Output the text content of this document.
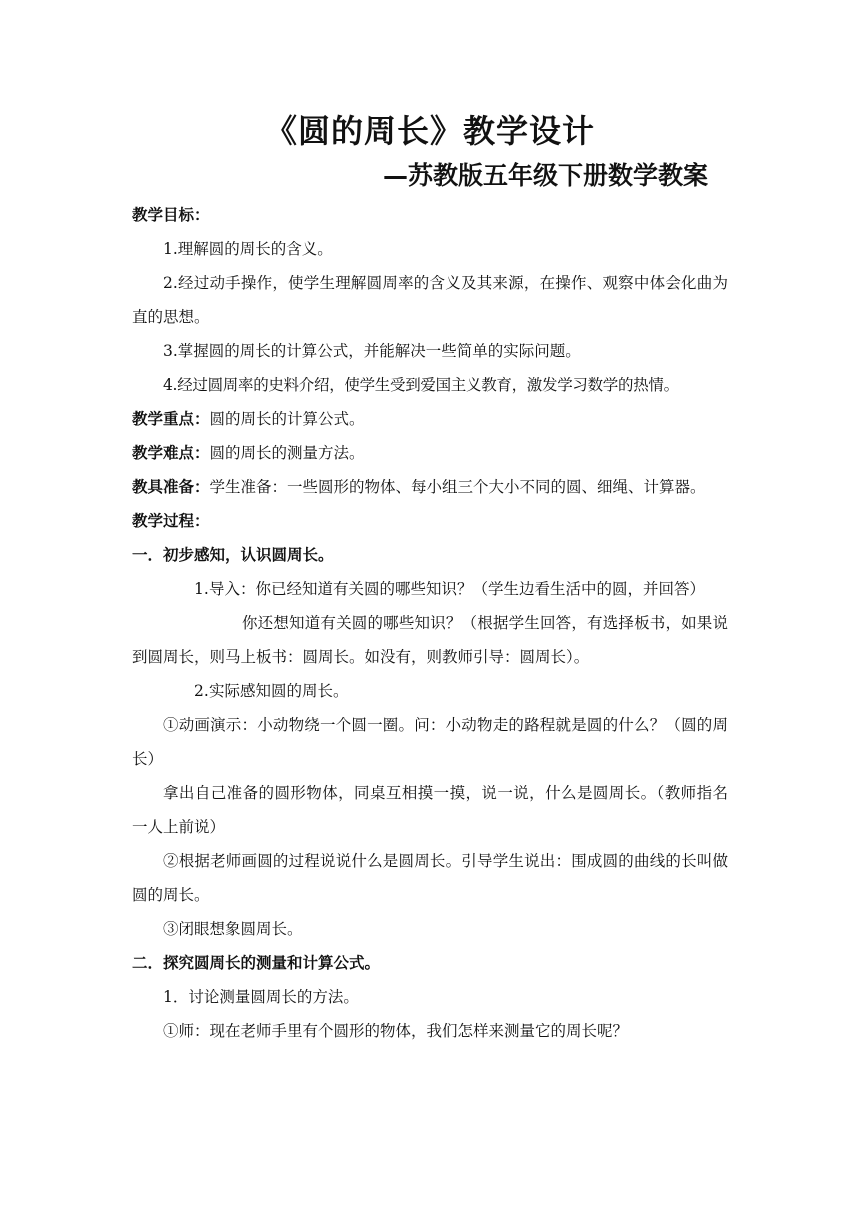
《圆的周长》教学设计
—苏教版五年级下册数学教案

教学目标：

1.理解圆的周长的含义。

2.经过动手操作，使学生理解圆周率的含义及其来源，在操作、观察中体会化曲为直的思想。

3.掌握圆的周长的计算公式，并能解决一些简单的实际问题。

4.经过圆周率的史料介绍，使学生受到爱国主义教育，激发学习数学的热情。

教学重点：圆的周长的计算公式。

教学难点：圆的周长的测量方法。

教具准备：学生准备：一些圆形的物体、每小组三个大小不同的圆、细绳、计算器。

教学过程：

一．初步感知，认识圆周长。

1.导入：你已经知道有关圆的哪些知识？（学生边看生活中的圆，并回答）

你还想知道有关圆的哪些知识？（根据学生回答，有选择板书，如果说到圆周长，则马上板书：圆周长。如没有，则教师引导：圆周长）。

2.实际感知圆的周长。

①动画演示：小动物绕一个圆一圈。问：小动物走的路程就是圆的什么？（圆的周长）

拿出自己准备的圆形物体，同桌互相摸一摸，说一说，什么是圆周长。（教师指名一人上前说）

②根据老师画圆的过程说说什么是圆周长。引导学生说出：围成圆的曲线的长叫做圆的周长。

③闭眼想象圆周长。

二．探究圆周长的测量和计算公式。

1．讨论测量圆周长的方法。

①师：现在老师手里有个圆形的物体，我们怎样来测量它的周长呢？
